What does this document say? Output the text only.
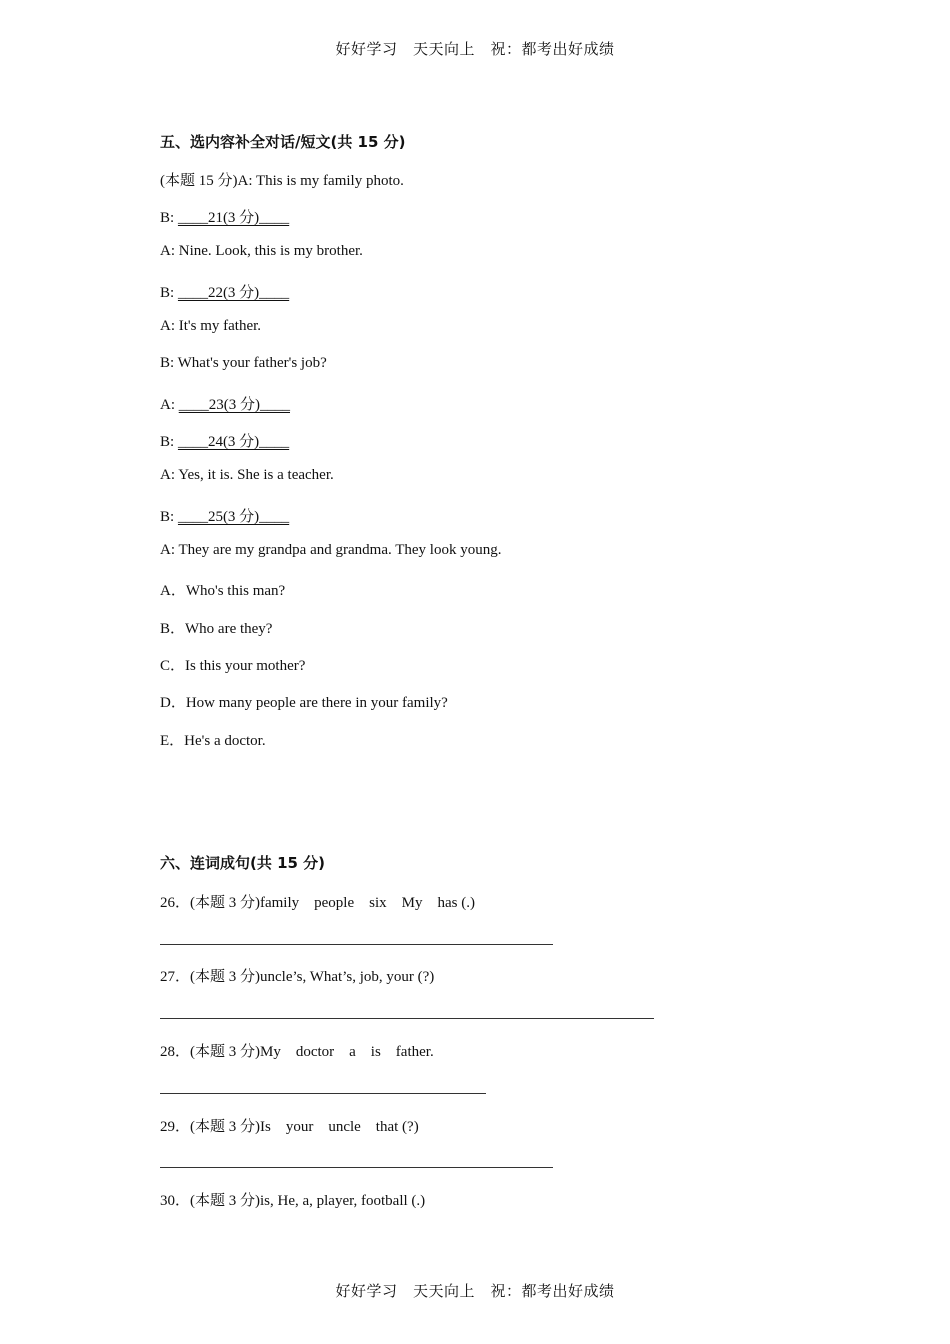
好好学习　天天向上　祝：都考出好成绩
五、选内容补全对话/短文(共 15 分)
(本题 15 分)A: This is my family photo.
B: ____21(3 分)____
A: Nine. Look, this is my brother.
B: ____22(3 分)____
A: It's my father.
B: What's your father's job?
A: ____23(3 分)____
B: ____24(3 分)____
A: Yes, it is. She is a teacher.
B: ____25(3 分)____
A: They are my grandpa and grandma. They look young.
A．Who's this man?
B．Who are they?
C．Is this your mother?
D．How many people are there in your family?
E．He's a doctor.
六、连词成句(共 15 分)
26．(本题 3 分)family　people　six　My　has (.)
27．(本题 3 分)uncle’s, What’s, job, your (?)
28．(本题 3 分)My　doctor　a　is　father.
29．(本题 3 分)Is　your　uncle　that (?)
30．(本题 3 分)is, He, a, player, football (.)
好好学习　天天向上　祝：都考出好成绩
